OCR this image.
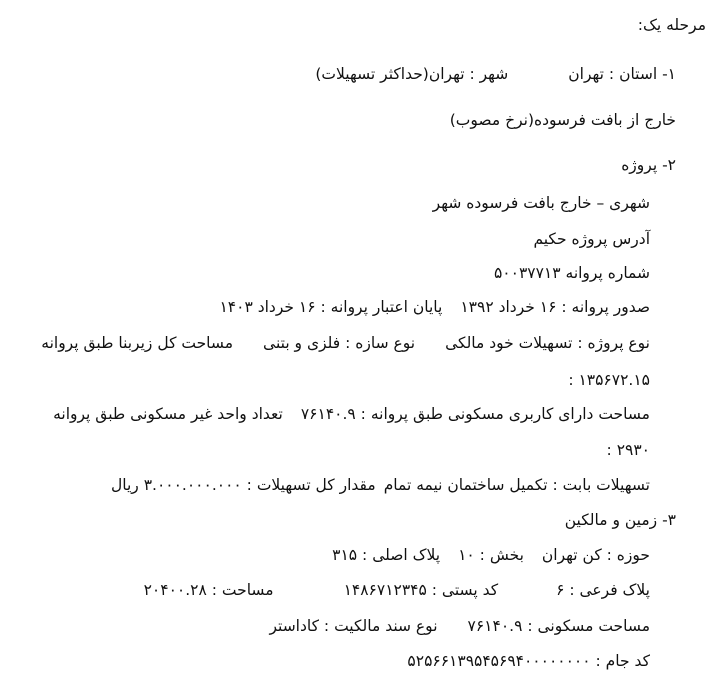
مرحله یک:
۱- استان : تهرانشهر : تهران(حداکثر تسهیلات)
خارج از بافت فرسوده(نرخ مصوب)
۲- پروژه
شهری – خارج بافت فرسوده شهر
آدرس پروژه حکیم
شماره پروانه ۵۰۰۳۷۷۱۳
صدور پروانه : ۱۶ خرداد ۱۳۹۲پایان اعتبار پروانه : ۱۶ خرداد ۱۴۰۳
نوع پروژه : تسهیلات خود مالکینوع سازه : فلزی و بتنیمساحت کل زیربنا طبق پروانه
: ۱۳۵۶۷۲.۱۵
مساحت دارای کاربری مسکونی طبق پروانه : ۷۶۱۴۰.۹تعداد واحد غیر مسکونی طبق پروانه
: ۲۹۳۰
تسهیلات بابت : تکمیل ساختمان نیمه تماممقدار کل تسهیلات : ۳.۰۰۰.۰۰۰.۰۰۰ ریال
۳- زمین و مالکین
حوزه : کن تهرانبخش : ۱۰پلاک اصلی : ۳۱۵
پلاک فرعی : ۶کد پستی : ۱۴۸۶۷۱۲۳۴۵مساحت : ۲۰۴۰۰.۲۸
مساحت مسکونی : ۷۶۱۴۰.۹نوع سند مالکیت : کاداستر
کد جام : ۵۲۵۶۶۱۳۹۵۴۵۶۹۴۰۰۰۰۰۰۰۰
